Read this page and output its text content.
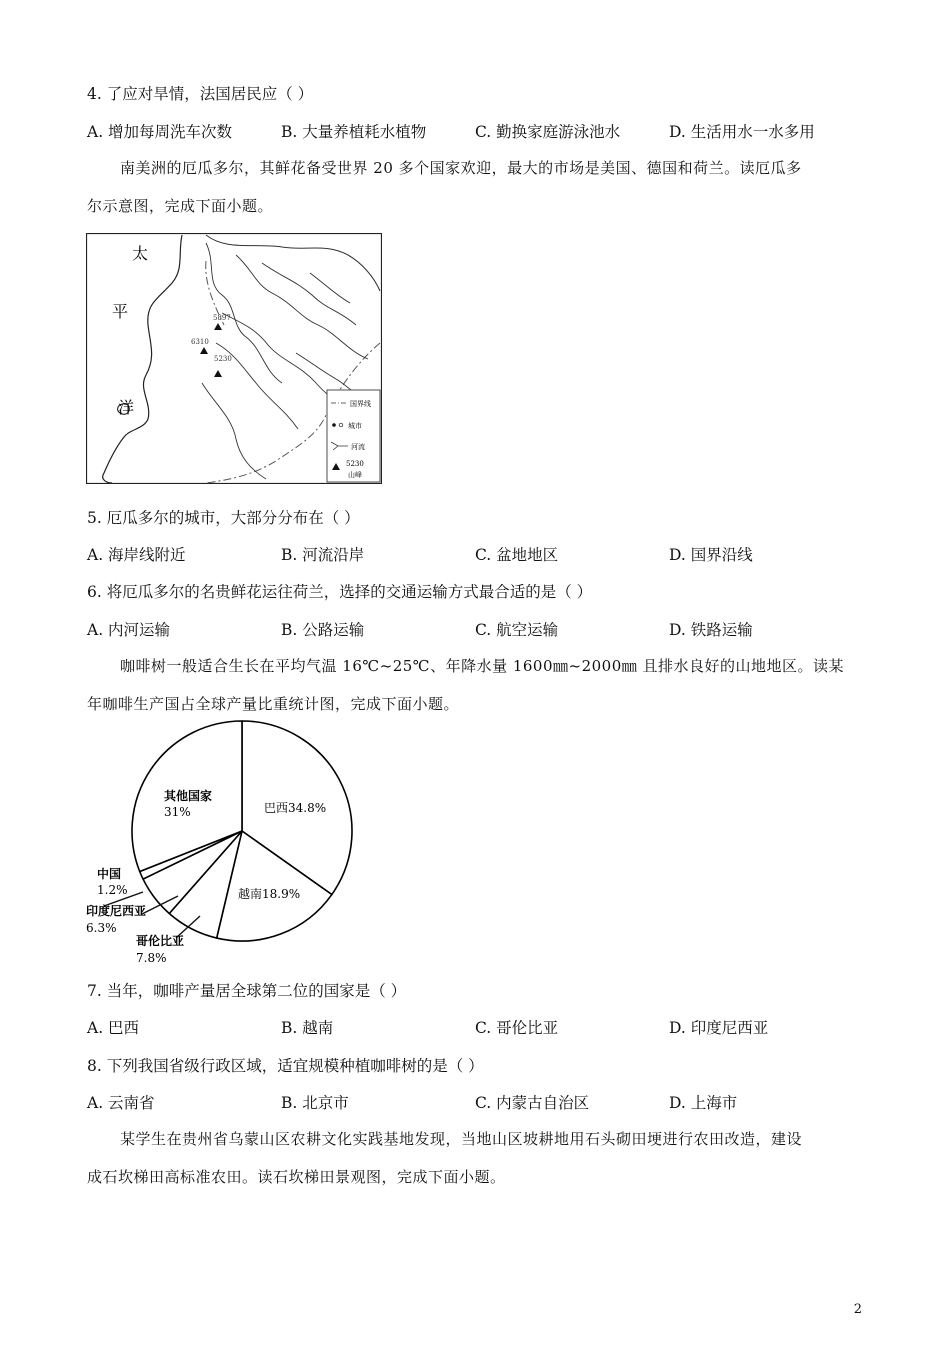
4. 了应对旱情，法国居民应（ ）
A. 增加每周洗车次数	B. 大量养植耗水植物	C. 勤换家庭游泳池水	D. 生活用水一水多用
南美洲的厄瓜多尔，其鲜花备受世界 20 多个国家欢迎，最大的市场是美国、德国和荷兰。读厄瓜多
尔示意图，完成下面小题。
太
平
洋
5897
6310
5230
国界线
城市
河流
5230
山峰
5. 厄瓜多尔的城市，大部分分布在（ ）
A. 海岸线附近	B. 河流沿岸	C. 盆地地区	D. 国界沿线
6. 将厄瓜多尔的名贵鲜花运往荷兰，选择的交通运输方式最合适的是（ ）
A. 内河运输	B. 公路运输	C. 航空运输	D. 铁路运输
咖啡树一般适合生长在平均气温 16℃~25℃、年降水量 1600㎜~2000㎜ 且排水良好的山地地区。读某
年咖啡生产国占全球产量比重统计图，完成下面小题。
其他国家
31%	巴西34.8%
越南18.9%
中国
1.2%
印度尼西亚
6.3%
哥伦比亚
7.8%
7. 当年，咖啡产量居全球第二位的国家是（ ）
A. 巴西	B. 越南	C. 哥伦比亚	D. 印度尼西亚
8. 下列我国省级行政区域，适宜规模种植咖啡树的是（ ）
A. 云南省	B. 北京市	C. 内蒙古自治区	D. 上海市
某学生在贵州省乌蒙山区农耕文化实践基地发现，当地山区坡耕地用石头砌田埂进行农田改造，建设
成石坎梯田高标准农田。读石坎梯田景观图，完成下面小题。
2
